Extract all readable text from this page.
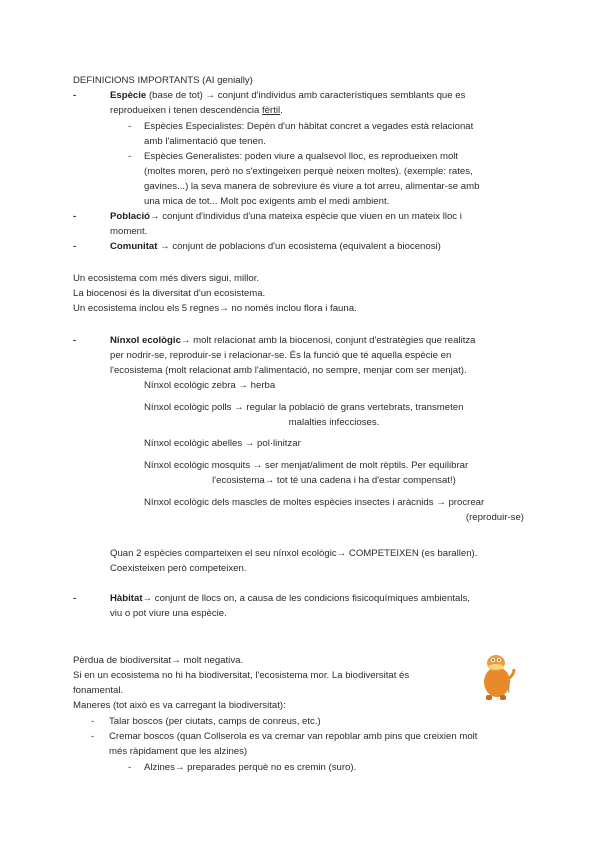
DEFINICIONS IMPORTANTS (AI genially)
-	Espècie (base de tot) → conjunt d'individus amb característiques semblants que es

reprodueixen i tenen descendència fèrtil.

- Espècies Especialistes: Depèn d'un hàbitat concret a vegades està relacionat

amb l'alimentació que tenen.

- Espècies Generalistes: poden viure a qualsevol lloc, es reprodueixen molt

(moltes moren, però no s'extingeixen perquè neixen moltes). (exemple: rates,

gavines...) la seva manera de sobreviure és viure a tot arreu, alimentar-se amb

una mica de tot... Molt poc exigents amb el medi ambient.

-	Població→ conjunt d'individus d'una mateixa espècie que viuen en un mateix lloc i

moment.

-	Comunitat → conjunt de poblacions d'un ecosistema (equivalent a biocenosi)

Un ecosistema com més divers sigui, millor.

La biocenosi és la diversitat d'un ecosistema.

Un ecosistema inclou els 5 regnes→ no només inclou flora i fauna.

-	Nínxol ecològic→ molt relacionat amb la biocenosi, conjunt d'estratègies que realitza

per nodrir-se, reproduir-se i relacionar-se. És la funció que té aquella espècie en

l'ecosistema (molt relacionat amb l'alimentació, no sempre, menjar com ser menjat).

Nínxol ecològic zebra → herba
Nínxol ecològic polls → regular la població de grans vertebrats, transmeten
malalties infeccioses.
Nínxol ecològic abelles → pol·linitzar
Nínxol ecològic mosquits → ser menjat/aliment de molt rèptils. Per equilibrar
l'ecosistema→ tot té una cadena i ha d'estar compensat!)
Nínxol ecològic dels mascles de moltes espècies insectes i aràcnids → procrear
(reproduir-se)

Quan 2 espècies comparteixen el seu nínxol ecològic→ COMPETEIXEN (es barallen).

Coexisteixen però competeixen.

-	Hàbitat→ conjunt de llocs on, a causa de les condicions fisicoquímiques ambientals,

viu o pot viure una espècie.

Pèrdua de biodiversitat→ molt negativa.

Si en un ecosistema no hi ha biodiversitat, l'ecosistema mor. La biodiversitat és

fonamental.

Maneres (tot això es va carregant la biodiversitat):

- Talar boscos (per ciutats, camps de conreus, etc.)

- Cremar boscos (quan Collserola es va cremar van repoblar amb pins que creixien molt

més ràpidament que les alzines)

- Alzines→ preparades perquè no es cremin (suro).

i
